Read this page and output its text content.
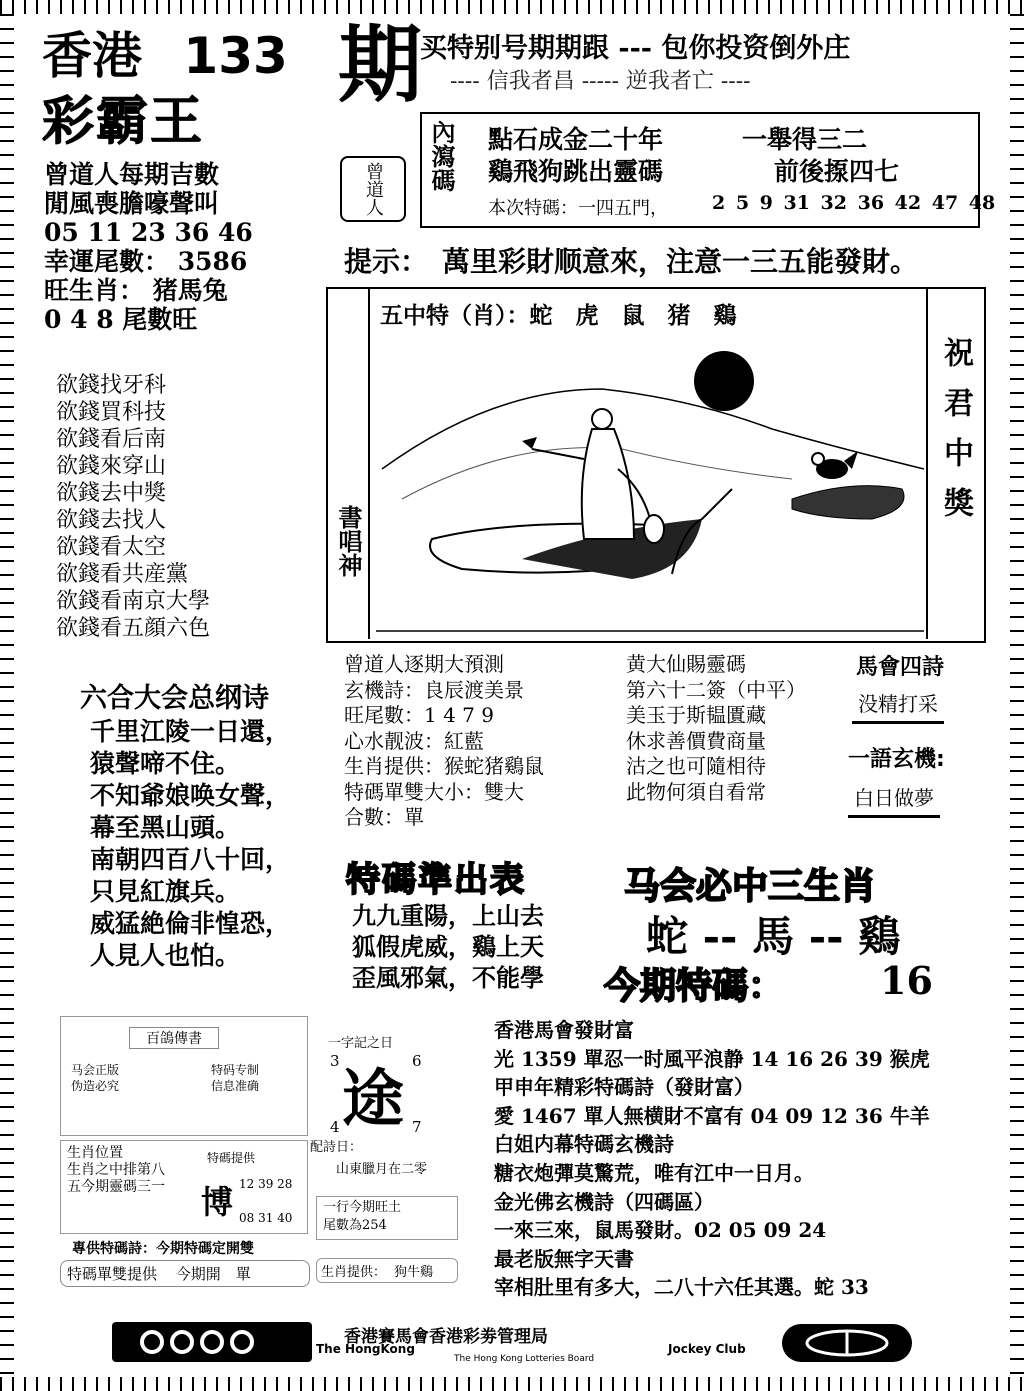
香港 133 期
买特别号期期跟 --- 包你投资倒外庄
---- 信我者昌 ----- 逆我者亡 ----
彩霸王
曾道人每期吉數
閒風喪膽嚎聲叫
05 11 23 36 46
幸運尾數： 3586
旺生肖： 猪馬兔
0 4 8 尾數旺
欲錢找牙科
欲錢買科技
欲錢看后南
欲錢來穿山
欲錢去中獎
欲錢去找人
欲錢看太空
欲錢看共産黨
欲錢看南京大學
欲錢看五顔六色
曾道人 內瀉碼 點石成金二十年	一舉得三二
鷄飛狗跳出靈碼	前後揼四七
本次特碼：一四五門， 2 5 9 31 32 36 42 47 48
提示： 萬里彩財顺意來，注意一三五能發財。
書唱神
祝君中獎
五中特（肖）：蛇　虎　鼠　猪　鷄
六合大会总纲诗
千里江陵一日還，
猿聲啼不住。
不知爺娘唤女聲，
幕至黑山頭。
南朝四百八十回，
只見紅旗兵。
威猛絶倫非惶恐，
人見人也怕。
曾道人逐期大預測
玄機詩：良辰渡美景
旺尾數：1 4 7 9
心水靓波：紅藍
生肖提供：猴蛇猪鷄鼠
特碼單雙大小：雙大
合數：單
黄大仙賜靈碼
第六十二簽（中平）
美玉于斯韫匱藏
休求善價費商量
沽之也可隨相待
此物何須自看常
馬會四詩
没精打采
一語玄機:
白日做夢
特碼準出表
九九重陽，上山去
狐假虎威，鷄上天
歪風邪氣，不能學
马会必中三生肖
蛇 -- 馬 -- 鷄
今期特碼：	16
百鴿傳書
马会正版
伪造必究
特码专制
信息准确
生肖位置
生肖之中排第八
五今期靈碼三一
特碼提供
博 12 39 28
08 31 40
專供特碼詩：今期特碼定開雙
特碼單雙提供 今期開　單
一字記之日
3	6
4	7
途
配詩日：
山東臘月在二零
一行今期旺土
尾數為254
生肖提供： 狗牛鷄
香港馬會發財富
光 1359 單忍一时風平浪静 14 16 26 39 猴虎
甲申年精彩特碼詩（發財富）
愛 1467 單人無横財不富有 04 09 12 36 牛羊
白姐内幕特碼玄機詩
糖衣炮彈莫驚荒，唯有江中一日月。
金光佛玄機詩（四碼區）
一來三來，鼠馬發財。02 05 09 24
最老版無字天書
宰相肚里有多大，二八十六任其選。蛇 33
香港賽馬會香港彩劵管理局
The HongKong	Jockey Club
The Hong Kong Lotteries Board
